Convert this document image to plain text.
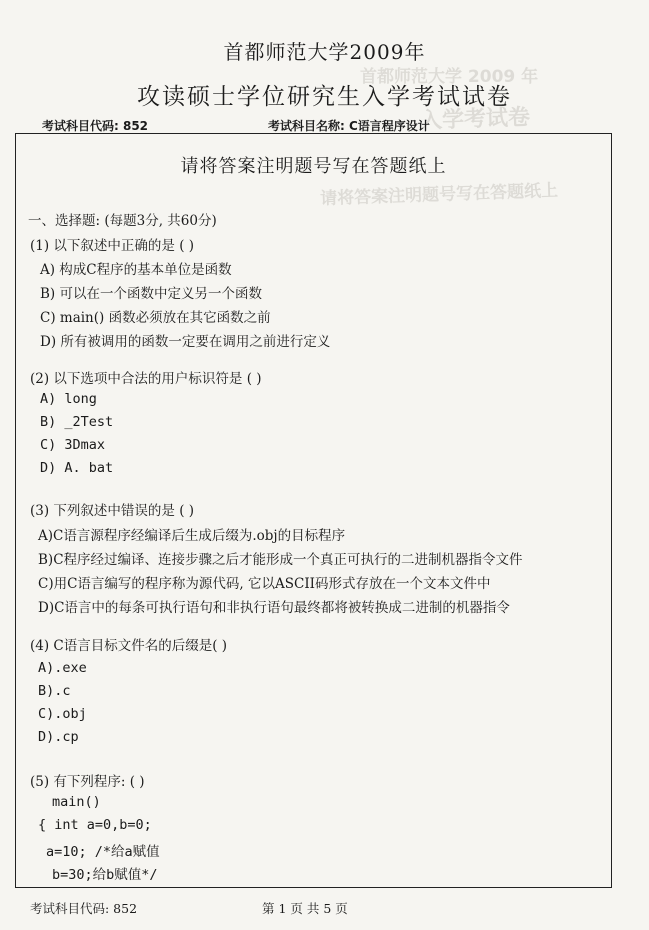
首都师范大学 2009 年
入学考试卷
请将答案注明题号写在答题纸上
首都师范大学2009年
攻读硕士学位研究生入学考试试卷
考试科目代码: 852	考试科目名称: C语言程序设计
请将答案注明题号写在答题纸上
一、选择题: (每题3分, 共60分)
(1) 以下叙述中正确的是 ( )
A) 构成C程序的基本单位是函数
B) 可以在一个函数中定义另一个函数
C) main() 函数必须放在其它函数之前
D) 所有被调用的函数一定要在调用之前进行定义
(2) 以下选项中合法的用户标识符是 ( )
A) long
B) _2Test
C) 3Dmax
D) A. bat
(3) 下列叙述中错误的是 ( )
A)C语言源程序经编译后生成后缀为.obj的目标程序
B)C程序经过编译、连接步骤之后才能形成一个真正可执行的二进制机器指令文件
C)用C语言编写的程序称为源代码, 它以ASCII码形式存放在一个文本文件中
D)C语言中的每条可执行语句和非执行语句最终都将被转换成二进制的机器指令
(4) C语言目标文件名的后缀是( )
A).exe
B).c
C).obj
D).cp
(5) 有下列程序: ( )
main()
{ int a=0,b=0;
a=10; /*给a赋值
b=30;给b赋值*/
考试科目代码: 852	第 1 页 共 5 页
